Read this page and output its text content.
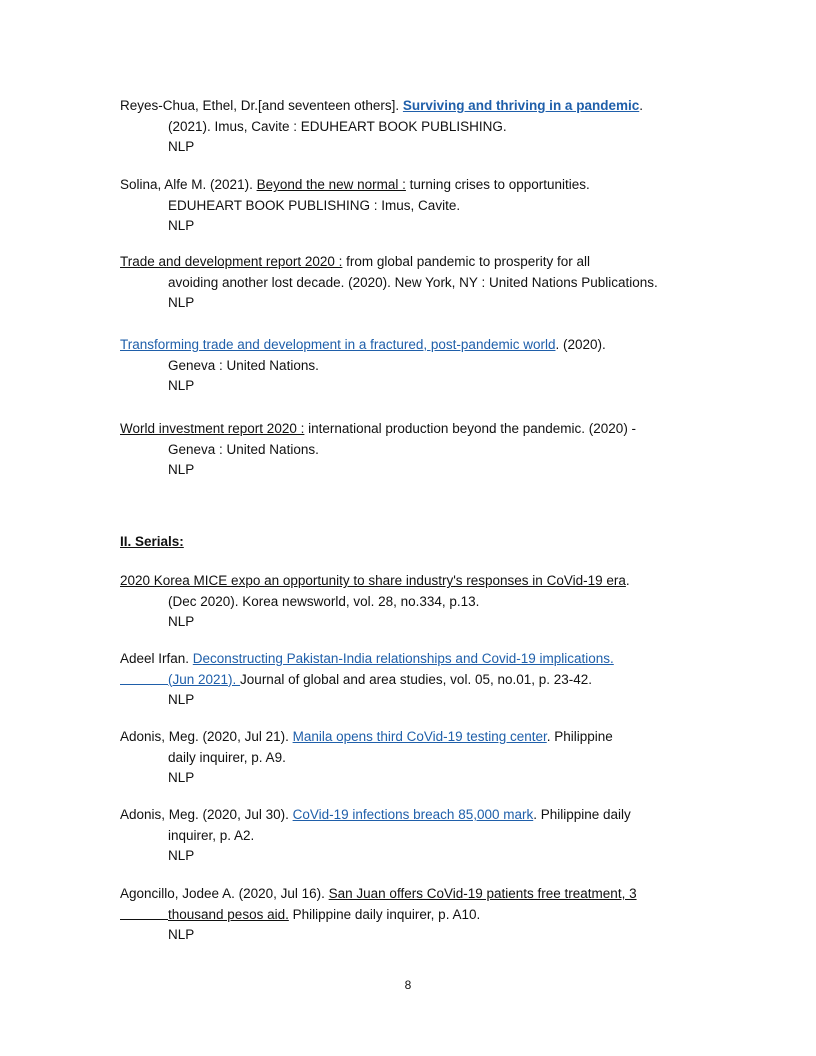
Reyes-Chua, Ethel, Dr.[and seventeen others]. Surviving and thriving in a pandemic.
(2021). Imus, Cavite : EDUHEART BOOK PUBLISHING.
NLP
Solina, Alfe M. (2021). Beyond the new normal : turning crises to opportunities.
EDUHEART BOOK PUBLISHING : Imus, Cavite.
NLP
Trade and development report 2020 : from global pandemic to prosperity for all
avoiding another lost decade. (2020). New York, NY : United Nations Publications.
NLP
Transforming trade and development in a fractured, post-pandemic world. (2020).
Geneva : United Nations.
NLP
World investment report 2020 : international production beyond the pandemic. (2020) -
Geneva : United Nations.
NLP
II. Serials:
2020 Korea MICE expo an opportunity to share industry's responses in CoVid-19 era.
(Dec 2020). Korea newsworld, vol. 28, no.334, p.13.
NLP
Adeel Irfan. Deconstructing Pakistan-India relationships and Covid-19 implications.
(Jun 2021). Journal of global and area studies, vol. 05, no.01, p. 23-42.
NLP
Adonis, Meg. (2020, Jul 21). Manila opens third CoVid-19 testing center. Philippine
daily inquirer, p. A9.
NLP
Adonis, Meg. (2020, Jul 30). CoVid-19 infections breach 85,000 mark. Philippine daily
inquirer, p. A2.
NLP
Agoncillo, Jodee A. (2020, Jul 16). San Juan offers CoVid-19 patients free treatment, 3
thousand pesos aid. Philippine daily inquirer, p. A10.
NLP
8
